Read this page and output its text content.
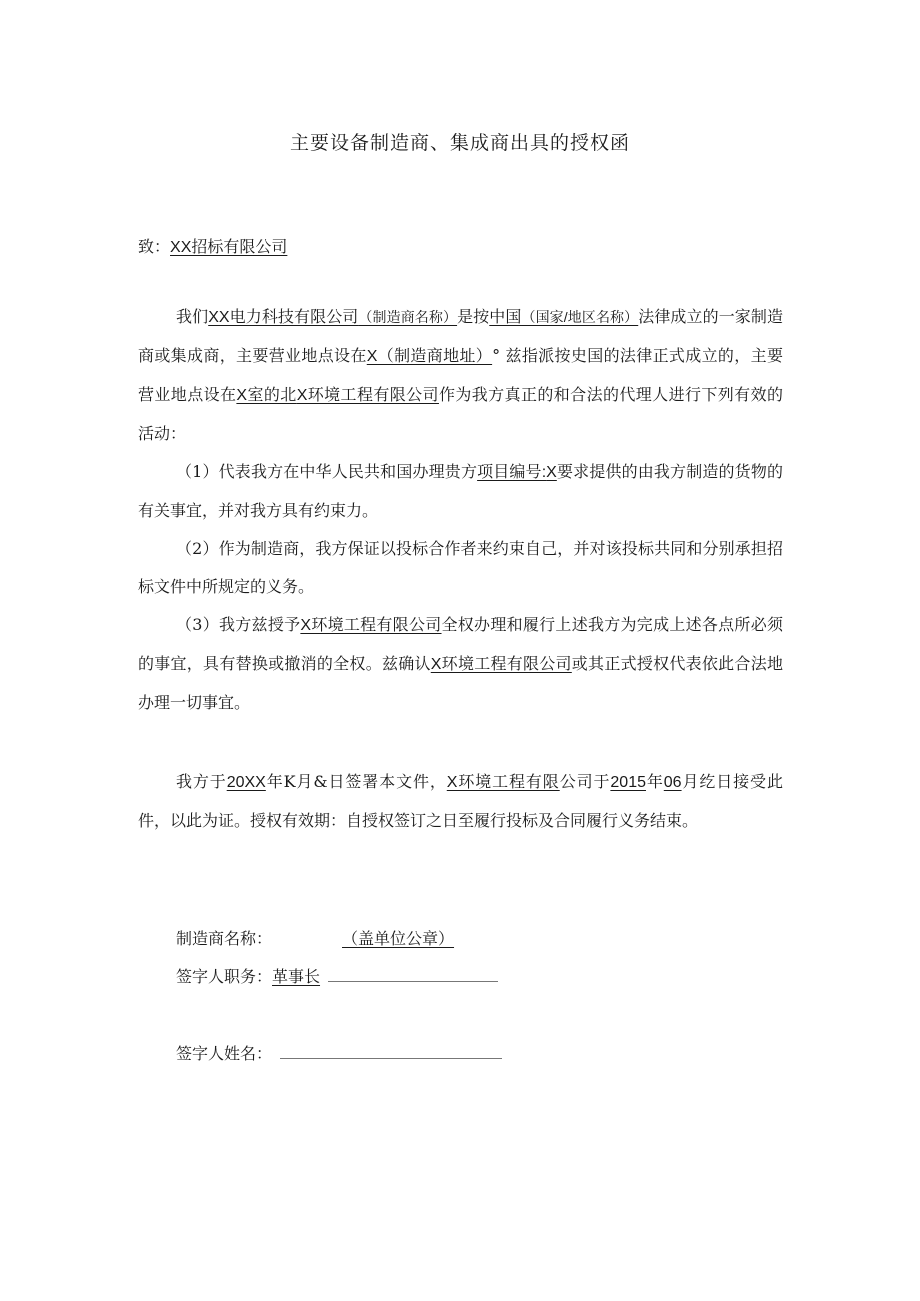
主要设备制造商、集成商出具的授权函
致：XX招标有限公司

我们XX电力科技有限公司（制造商名称）是按中国（国家/地区名称）法律成立的一家制造商或集成商，主要营业地点设在X（制造商地址）° 兹指派按史国的法律正式成立的，主要营业地点设在X室的北X环境工程有限公司作为我方真正的和合法的代理人进行下列有效的活动：

（1）代表我方在中华人民共和国办理贵方项目编号:X要求提供的由我方制造的货物的有关事宜，并对我方具有约束力。

（2）作为制造商，我方保证以投标合作者来约束自己，并对该投标共同和分别承担招标文件中所规定的义务。

（3）我方兹授予X环境工程有限公司全权办理和履行上述我方为完成上述各点所必须的事宜，具有替换或撤消的全权。兹确认X环境工程有限公司或其正式授权代表依此合法地办理一切事宜。

我方于20XX年K月&日签署本文件，X环境工程有限公司于2015年06月纥日接受此件，以此为证。授权有效期：自授权签订之日至履行投标及合同履行义务结束。

制造商名称：	（盖单位公章）
签字人职务：革事长
签字人姓名：
